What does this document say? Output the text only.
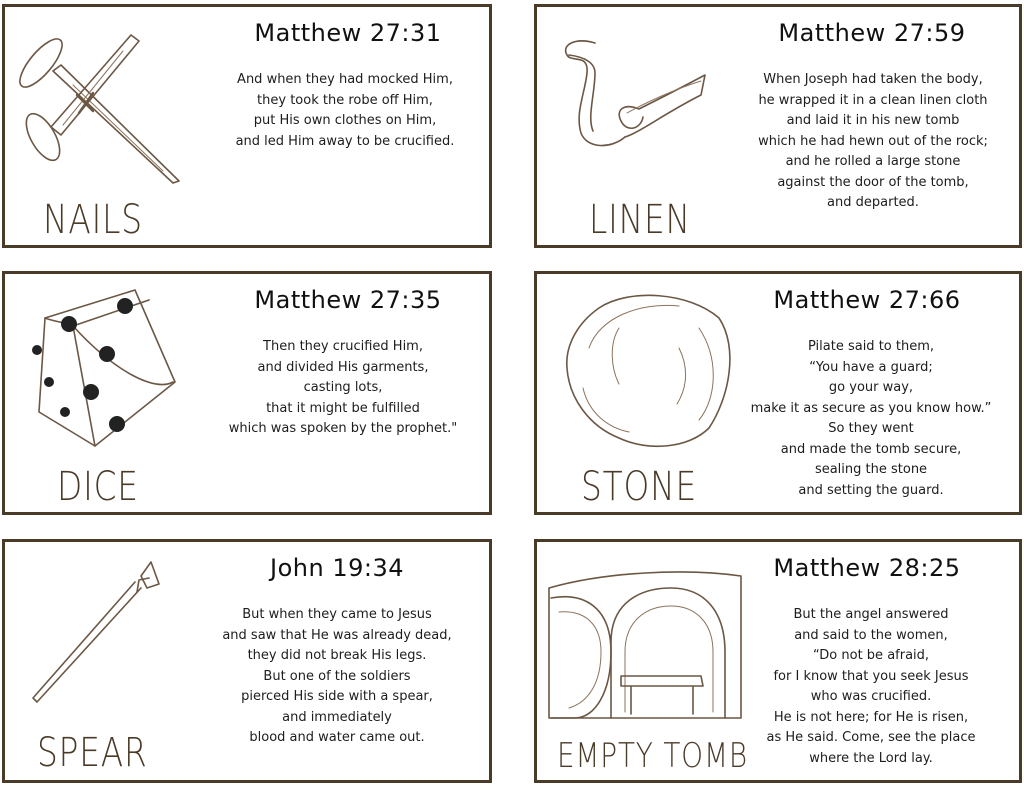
Matthew 27:31
And when they had mocked Him,
they took the robe off Him,
put His own clothes on Him,
and led Him away to be crucified.
NAILS
Matthew 27:59
When Joseph had taken the body,
he wrapped it in a clean linen cloth
and laid it in his new tomb
which he had hewn out of the rock;
and he rolled a large stone
against the door of the tomb,
and departed.
LINEN
Matthew 27:35
Then they crucified Him,
and divided His garments,
casting lots,
that it might be fulfilled
which was spoken by the prophet."
DICE
Matthew 27:66
Pilate said to them,
“You have a guard;
go your way,
make it as secure as you know how.”
So they went
and made the tomb secure,
sealing the stone
and setting the guard.
STONE
John 19:34
But when they came to Jesus
and saw that He was already dead,
they did not break His legs.
But one of the soldiers
pierced His side with a spear,
and immediately
blood and water came out.
SPEAR
Matthew 28:25
But the angel answered
and said to the women,
“Do not be afraid,
for I know that you seek Jesus
who was crucified.
He is not here; for He is risen,
as He said. Come, see the place
where the Lord lay.
EMPTY TOMB
